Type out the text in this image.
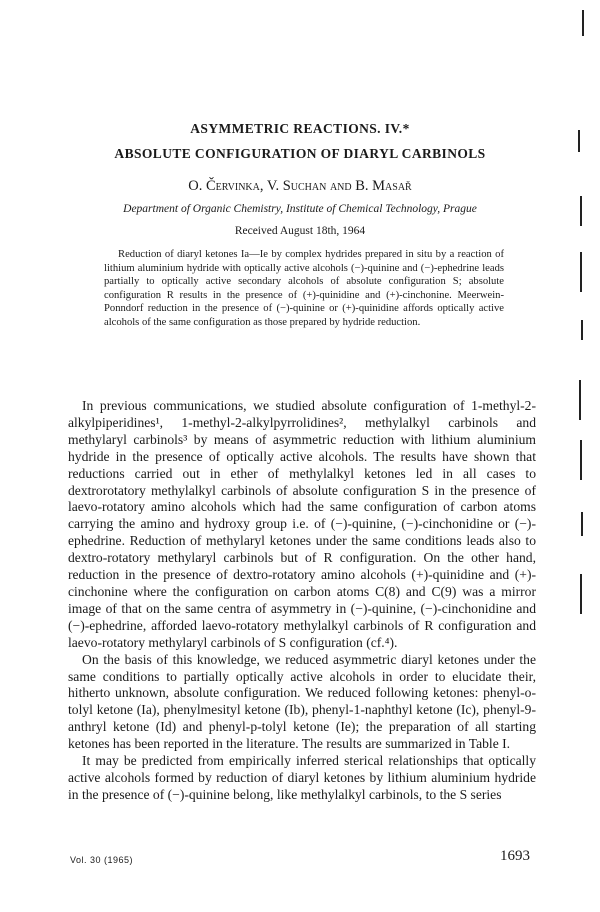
ASYMMETRIC REACTIONS. IV.*
ABSOLUTE CONFIGURATION OF DIARYL CARBINOLS
O. Červinka, V. Suchan and B. Masař
Department of Organic Chemistry, Institute of Chemical Technology, Prague
Received August 18th, 1964
Reduction of diaryl ketones Ia—Ie by complex hydrides prepared in situ by a reaction of lithium aluminium hydride with optically active alcohols (−)-quinine and (−)-ephedrine leads partially to optically active secondary alcohols of absolute configuration S; absolute configuration R results in the presence of (+)-quinidine and (+)-cinchonine. Meerwein-Ponndorf reduction in the presence of (−)-quinine or (+)-quinidine affords optically active alcohols of the same configuration as those prepared by hydride reduction.

In previous communications, we studied absolute configuration of 1-methyl-2-alkylpiperidines¹, 1-methyl-2-alkylpyrrolidines², methylalkyl carbinols and methylaryl carbinols³ by means of asymmetric reduction with lithium aluminium hydride in the presence of optically active alcohols. The results have shown that reductions carried out in ether of methylalkyl ketones led in all cases to dextrorotatory methylalkyl carbinols of absolute configuration S in the presence of laevo-rotatory amino alcohols which had the same configuration of carbon atoms carrying the amino and hydroxy group i.e. of (−)-quinine, (−)-cinchonidine or (−)-ephedrine. Reduction of methylaryl ketones under the same conditions leads also to dextro-rotatory methylaryl carbinols but of R configuration. On the other hand, reduction in the presence of dextro-rotatory amino alcohols (+)-quinidine and (+)-cinchonine where the configuration on carbon atoms C(8) and C(9) was a mirror image of that on the same centra of asymmetry in (−)-quinine, (−)-cinchonidine and (−)-ephedrine, afforded laevo-rotatory methylalkyl carbinols of R configuration and laevo-rotatory methylaryl carbinols of S configuration (cf.⁴).

On the basis of this knowledge, we reduced asymmetric diaryl ketones under the same conditions to partially optically active alcohols in order to elucidate their, hitherto unknown, absolute configuration. We reduced following ketones: phenyl-o-tolyl ketone (Ia), phenylmesityl ketone (Ib), phenyl-1-naphthyl ketone (Ic), phenyl-9-anthryl ketone (Id) and phenyl-p-tolyl ketone (Ie); the preparation of all starting ketones has been reported in the literature. The results are summarized in Table I.

It may be predicted from empirically inferred sterical relationships that optically active alcohols formed by reduction of diaryl ketones by lithium aluminium hydride in the presence of (−)-quinine belong, like methylalkyl carbinols, to the S series

Vol. 30 (1965)	1693
